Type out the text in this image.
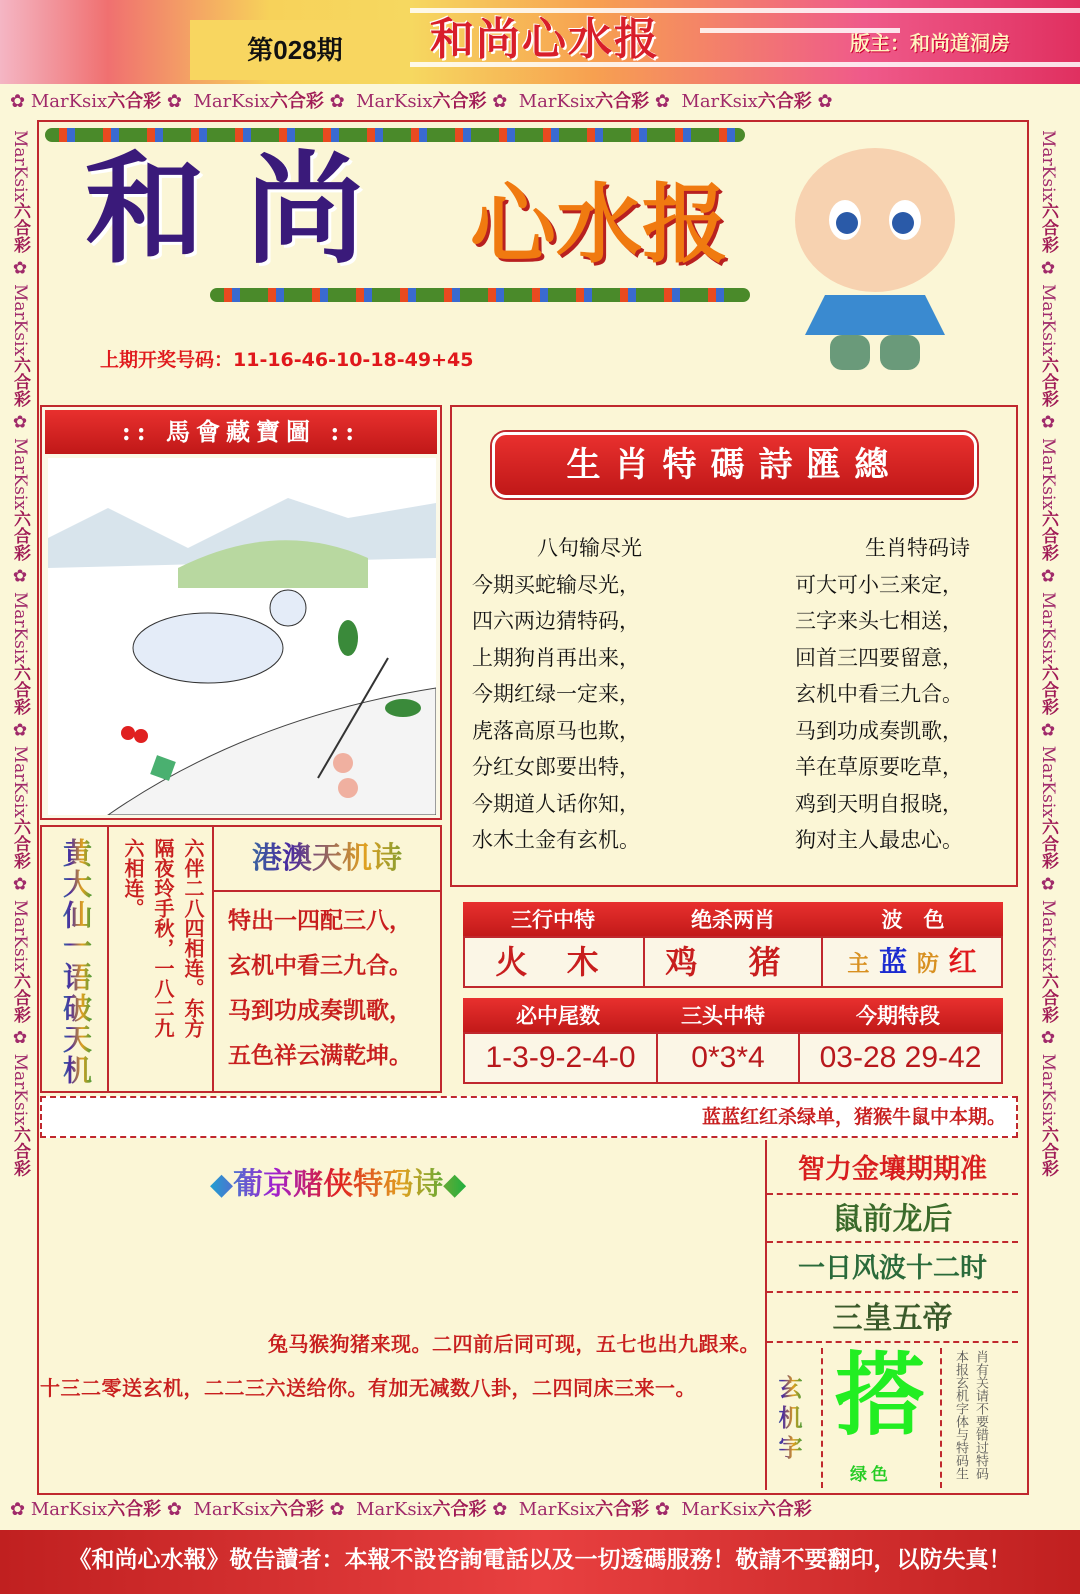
第028期	和尚心水报	版主：和尚道洞房
✿ MarKsix六合彩 ✿ MarKsix六合彩 ✿ MarKsix六合彩 ✿ MarKsix六合彩 ✿ MarKsix六合彩 ✿
✿ MarKsix六合彩 ✿ MarKsix六合彩 ✿ MarKsix六合彩 ✿ MarKsix六合彩 ✿ MarKsix六合彩
MarKsix六合彩 ✿ MarKsix六合彩 ✿ MarKsix六合彩 ✿ MarKsix六合彩 ✿ MarKsix六合彩 ✿ MarKsix六合彩 ✿ MarKsix六合彩
MarKsix六合彩 ✿ MarKsix六合彩 ✿ MarKsix六合彩 ✿ MarKsix六合彩 ✿ MarKsix六合彩 ✿ MarKsix六合彩 ✿ MarKsix六合彩
和尚 心水报
上期开奖号码：11-16-46-10-18-49+45
:: 馬會藏寶圖 ::
生肖特碼詩匯總
八句输尽光
今期买蛇输尽光，
四六两边猜特码，
上期狗肖再出来，
今期红绿一定来，
虎落高原马也欺，
分红女郎要出特，
今期道人话你知，
水木土金有玄机。
生肖特码诗
可大可小三来定，
三字来头七相送，
回首三四要留意，
玄机中看三九合。
马到功成奏凯歌，
羊在草原要吃草，
鸡到天明自报晓，
狗对主人最忠心。
三行中特	绝杀两肖	波　色
火 木	鸡 猪	主 蓝 防 红
必中尾数	三头中特	今期特段
1-3-9-2-4-0	0*3*4	03-28 29-42
黄大仙一语破天机	六伴二八四相连。东方
隔夜玲手秋，一八二九
六相连。	港澳天机诗
特出一四配三八，
玄机中看三九合。
马到功成奏凯歌，
五色祥云满乾坤。
蓝蓝红红杀绿单，猪猴牛鼠中本期。
◆葡京赌侠特码诗◆
兔马猴狗猪来现。二四前后同可现，五七也出九跟来。十三二零送玄机，二二三六送给你。有加无减数八卦，二四同床三来一。
智力金壤期期准
鼠前龙后
一日风波十二时
三皇五帝
玄机字 搭
绿色	本报玄机字体与特码生肖有关请不要错过特码
《和尚心水報》敬告讀者：本報不設咨詢電話以及一切透碼服務！敬請不要翻印，以防失真！
